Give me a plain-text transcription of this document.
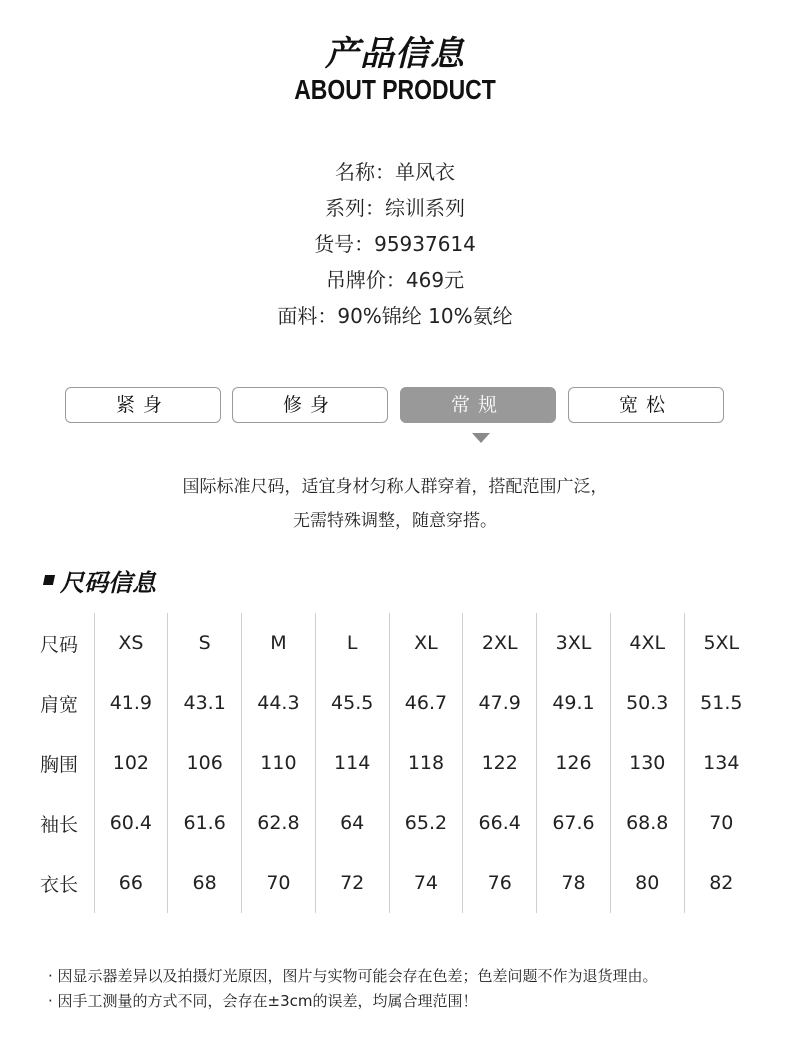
产品信息
ABOUT PRODUCT
名称：单风衣
系列：综训系列
货号：95937614
吊牌价：469元
面料：90%锦纶 10%氨纶
紧身	修身	常规	宽松
国际标准尺码，适宜身材匀称人群穿着，搭配范围广泛，
无需特殊调整，随意穿搭。
尺码信息
尺码	XS	S	M	L	XL	2XL	3XL	4XL	5XL
肩宽	41.9	43.1	44.3	45.5	46.7	47.9	49.1	50.3	51.5
胸围	102	106	110	114	118	122	126	130	134
袖长	60.4	61.6	62.8	64	65.2	66.4	67.6	68.8	70
衣长	66	68	70	72	74	76	78	80	82
· 因显示器差异以及拍摄灯光原因，图片与实物可能会存在色差；色差问题不作为退货理由。
· 因手工测量的方式不同，会存在±3cm的误差，均属合理范围！
